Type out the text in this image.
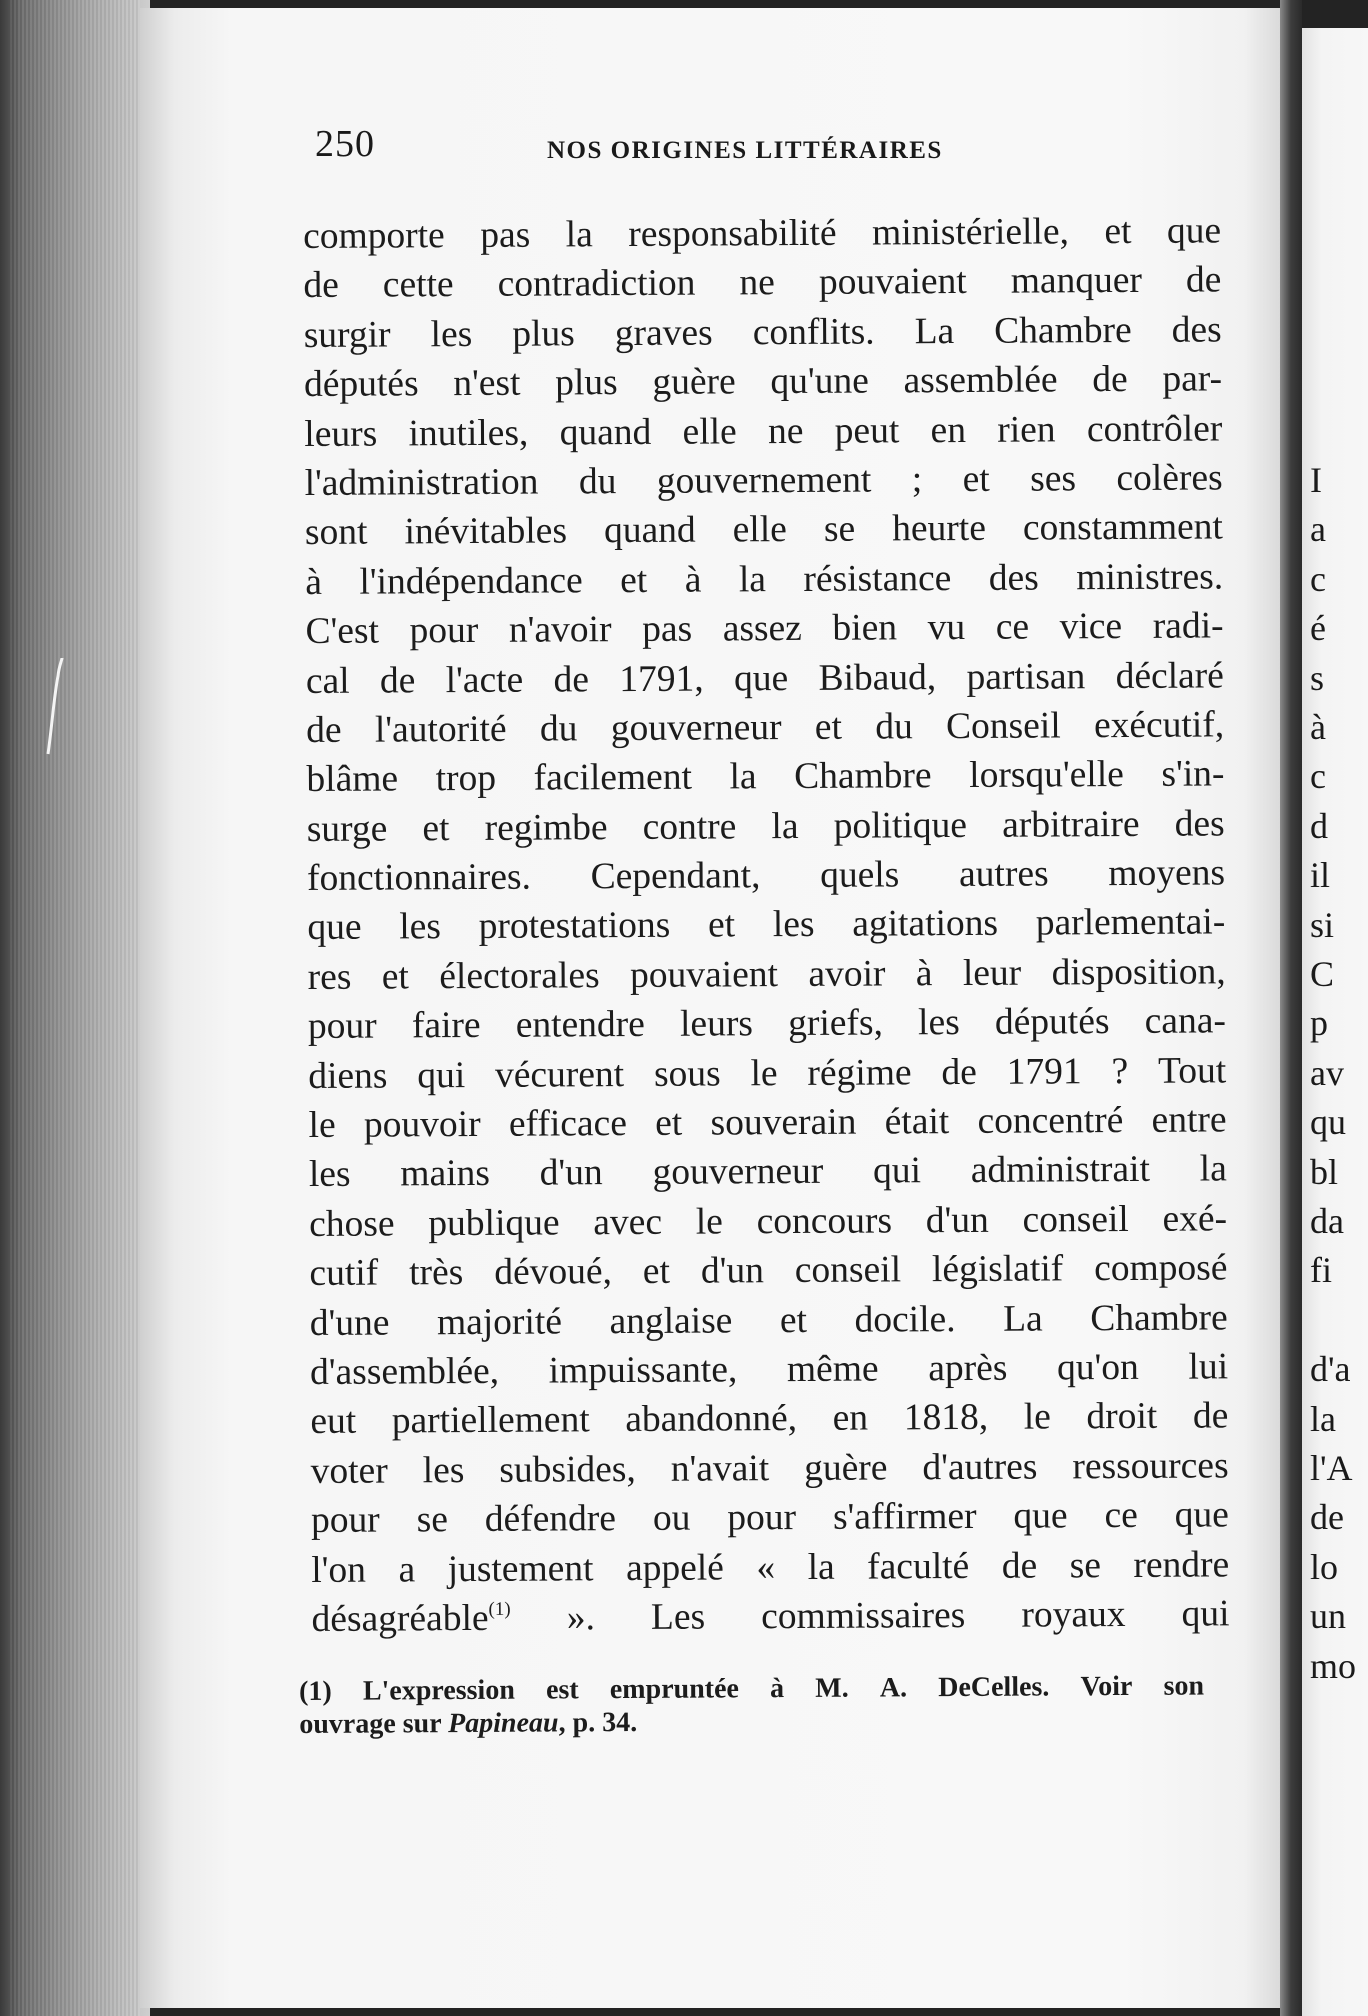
250	NOS ORIGINES LITTÉRAIRES
comporte pas la responsabilité ministérielle, et que
de cette contradiction ne pouvaient manquer de
surgir les plus graves conflits. La Chambre des
députés n'est plus guère qu'une assemblée de par-
leurs inutiles, quand elle ne peut en rien contrôler
l'administration du gouvernement ; et ses colères
sont inévitables quand elle se heurte constamment
à l'indépendance et à la résistance des ministres.
C'est pour n'avoir pas assez bien vu ce vice radi-
cal de l'acte de 1791, que Bibaud, partisan déclaré
de l'autorité du gouverneur et du Conseil exécutif,
blâme trop facilement la Chambre lorsqu'elle s'in-
surge et regimbe contre la politique arbitraire des
fonctionnaires. Cependant, quels autres moyens
que les protestations et les agitations parlementai-
res et électorales pouvaient avoir à leur disposition,
pour faire entendre leurs griefs, les députés cana-
diens qui vécurent sous le régime de 1791 ? Tout
le pouvoir efficace et souverain était concentré entre
les mains d'un gouverneur qui administrait la
chose publique avec le concours d'un conseil exé-
cutif très dévoué, et d'un conseil législatif composé
d'une majorité anglaise et docile. La Chambre
d'assemblée, impuissante, même après qu'on lui
eut partiellement abandonné, en 1818, le droit de
voter les subsides, n'avait guère d'autres ressources
pour se défendre ou pour s'affirmer que ce que
l'on a justement appelé « la faculté de se rendre
désagréable$^{(1)}$ ». Les commissaires royaux qui
(1) L'expression est empruntée à M. A. DeCelles. Voir son
ouvrage sur Papineau , p. 34.
I
a
c
é
s
à
c
d
il
si
C
p
av
qu
bl
da
fi
d'a
la
l'A
de
lo
un
mo
